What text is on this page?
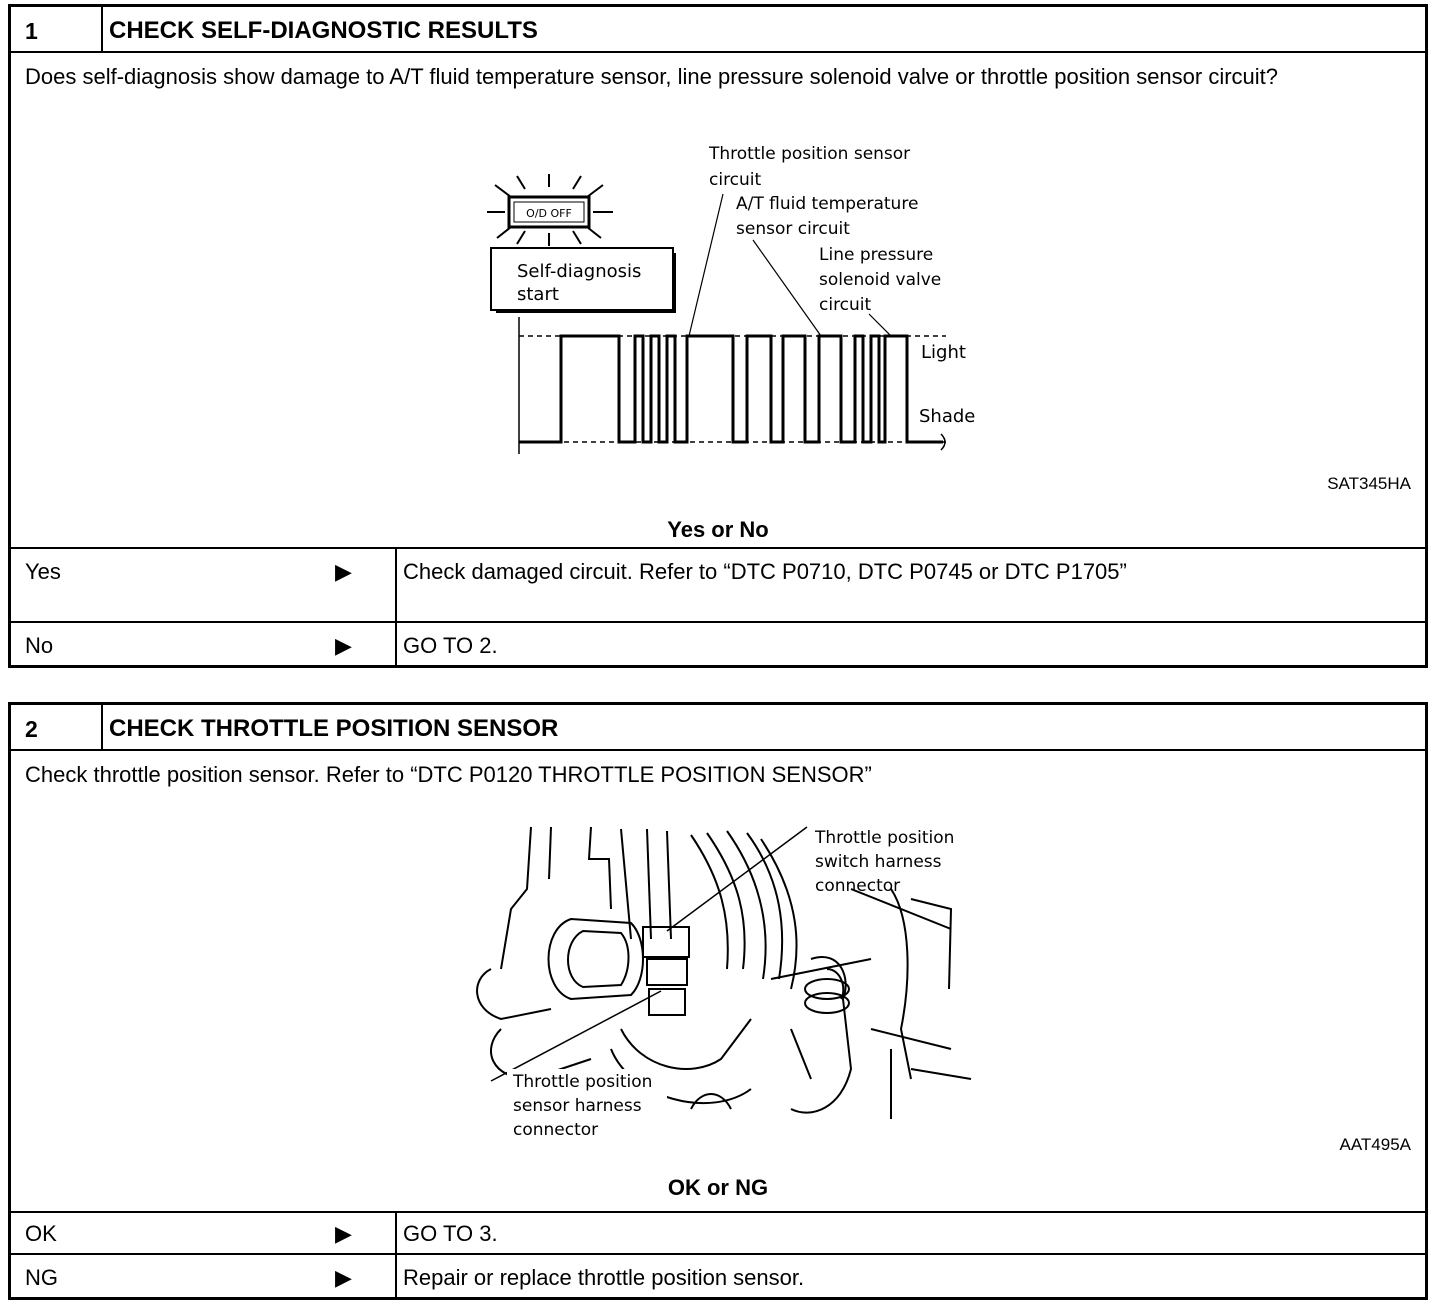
1	CHECK SELF-DIAGNOSTIC RESULTS
Does self-diagnosis show damage to A/T fluid temperature sensor, line pressure solenoid valve or throttle position sensor circuit?
O/D OFF
Self-diagnosis
start
Throttle position sensor
circuit
A/T fluid temperature
sensor circuit
Line pressure
solenoid valve
circuit
Light
Shade
SAT345HA
Yes or No
Yes	▶ Check damaged circuit. Refer to “DTC P0710, DTC P0745 or DTC P1705”
No	▶ GO TO 2.
2	CHECK THROTTLE POSITION SENSOR
Check throttle position sensor. Refer to “DTC P0120 THROTTLE POSITION SENSOR”
Throttle position
switch harness
connector
Throttle position
sensor harness
connector
AAT495A
OK or NG
OK	▶ GO TO 3.
NG	▶ Repair or replace throttle position sensor.
